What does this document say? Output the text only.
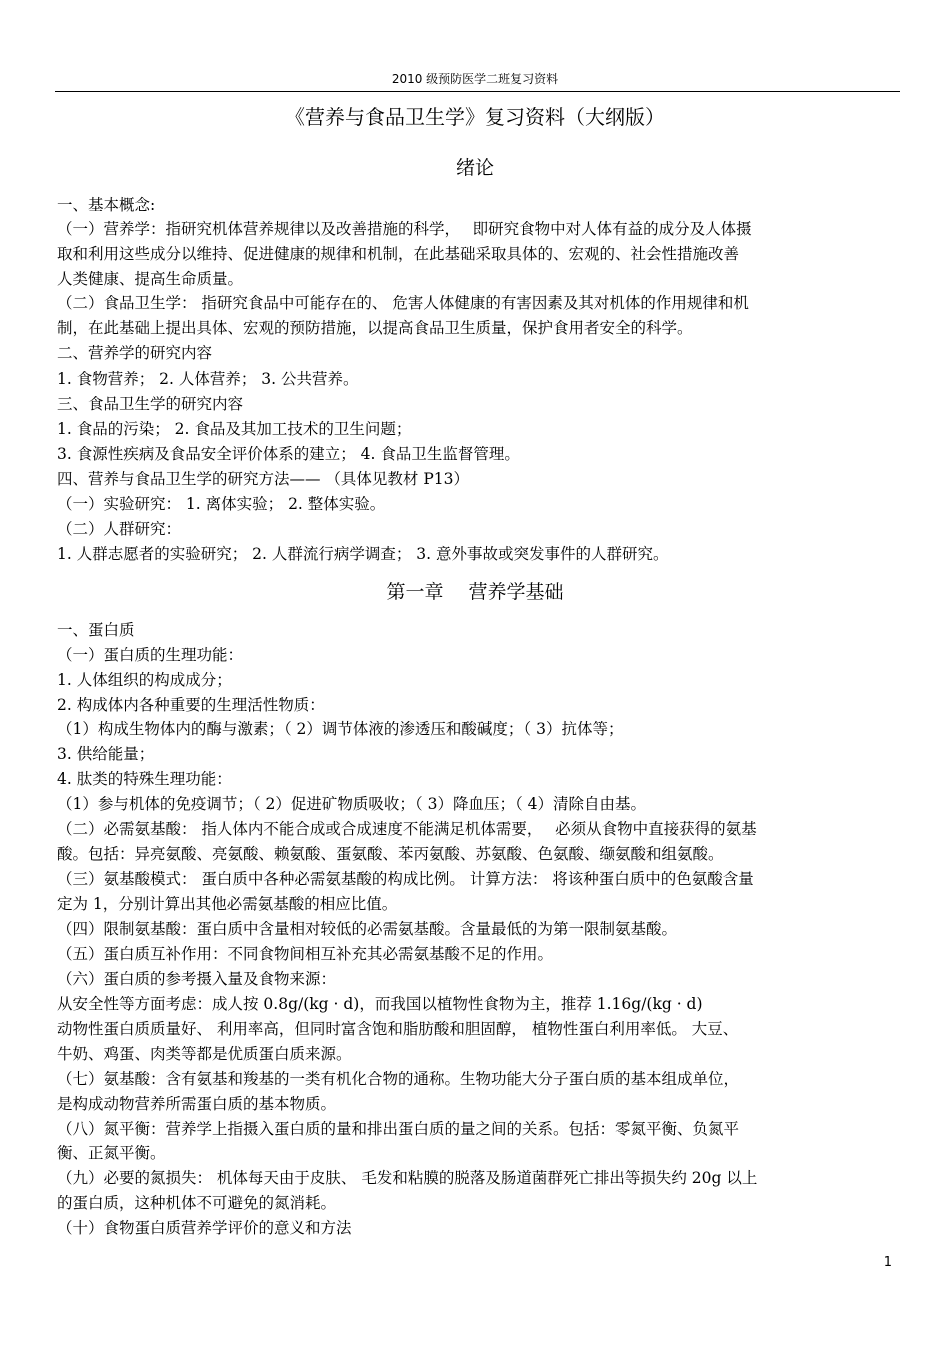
2010 级预防医学二班复习资料
《营养与食品卫生学》复习资料（大纲版）
绪论
一、基本概念:
（一）营养学：指研究机体营养规律以及改善措施的科学，　 即研究食物中对人体有益的成分及人体摄
取和利用这些成分以维持、促进健康的规律和机制，在此基础采取具体的、宏观的、社会性措施改善
人类健康、提高生命质量。
（二）食品卫生学： 指研究食品中可能存在的、 危害人体健康的有害因素及其对机体的作用规律和机
制，在此基础上提出具体、宏观的预防措施，以提高食品卫生质量，保护食用者安全的科学。
二、营养学的研究内容
1. 食物营养； 2. 人体营养； 3. 公共营养。
三、食品卫生学的研究内容
1. 食品的污染； 2. 食品及其加工技术的卫生问题；
3. 食源性疾病及食品安全评价体系的建立； 4. 食品卫生监督管理。
四、营养与食品卫生学的研究方法—— （具体见教材 P13）
（一）实验研究： 1. 离体实验； 2. 整体实验。
（二）人群研究：
1. 人群志愿者的实验研究； 2. 人群流行病学调查； 3. 意外事故或突发事件的人群研究。
第一章　 营养学基础
一、蛋白质
（一）蛋白质的生理功能：
1. 人体组织的构成成分；
2. 构成体内各种重要的生理活性物质：
（1）构成生物体内的酶与激素；（ 2）调节体液的渗透压和酸碱度；（ 3）抗体等；
3. 供给能量；
4. 肽类的特殊生理功能：
（1）参与机体的免疫调节；（ 2）促进矿物质吸收；（ 3）降血压；（ 4）清除自由基。
（二）必需氨基酸： 指人体内不能合成或合成速度不能满足机体需要，　 必须从食物中直接获得的氨基
酸。包括：异亮氨酸、亮氨酸、赖氨酸、蛋氨酸、苯丙氨酸、苏氨酸、色氨酸、缬氨酸和组氨酸。
（三）氨基酸模式： 蛋白质中各种必需氨基酸的构成比例。 计算方法： 将该种蛋白质中的色氨酸含量
定为 1，分别计算出其他必需氨基酸的相应比值。
（四）限制氨基酸：蛋白质中含量相对较低的必需氨基酸。含量最低的为第一限制氨基酸。
（五）蛋白质互补作用：不同食物间相互补充其必需氨基酸不足的作用。
（六）蛋白质的参考摄入量及食物来源：
从安全性等方面考虑：成人按 0.8g/(kg · d)，而我国以植物性食物为主，推荐 1.16g/(kg · d)
动物性蛋白质质量好、 利用率高，但同时富含饱和脂肪酸和胆固醇， 植物性蛋白利用率低。 大豆、
牛奶、鸡蛋、肉类等都是优质蛋白质来源。
（七）氨基酸：含有氨基和羧基的一类有机化合物的通称。生物功能大分子蛋白质的基本组成单位，
是构成动物营养所需蛋白质的基本物质。
（八）氮平衡：营养学上指摄入蛋白质的量和排出蛋白质的量之间的关系。包括：零氮平衡、负氮平
衡、正氮平衡。
（九）必要的氮损失： 机体每天由于皮肤、 毛发和粘膜的脱落及肠道菌群死亡排出等损失约 20g 以上
的蛋白质，这种机体不可避免的氮消耗。
（十）食物蛋白质营养学评价的意义和方法
1
